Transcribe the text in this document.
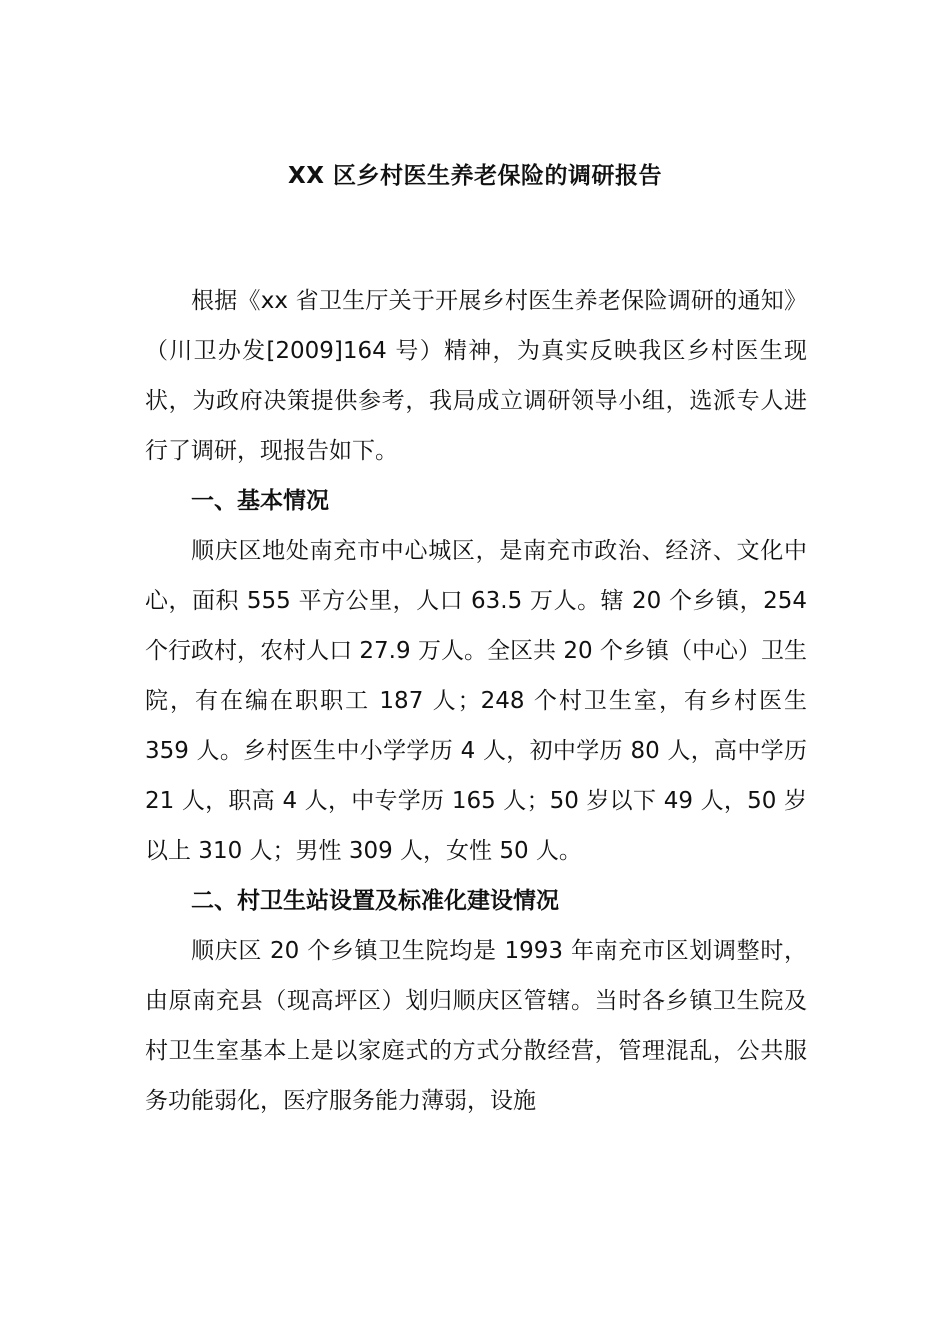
XX 区乡村医生养老保险的调研报告

根据《xx 省卫生厅关于开展乡村医生养老保险调研的通知》（川卫办发[2009]164 号）精神，为真实反映我区乡村医生现状，为政府决策提供参考，我局成立调研领导小组，选派专人进行了调研，现报告如下。

一、基本情况

顺庆区地处南充市中心城区，是南充市政治、经济、文化中心，面积 555 平方公里，人口 63.5 万人。辖 20 个乡镇，254 个行政村，农村人口 27.9 万人。全区共 20 个乡镇（中心）卫生院，有在编在职职工 187 人；248 个村卫生室，有乡村医生 359 人。乡村医生中小学学历 4 人，初中学历 80 人，高中学历 21 人，职高 4 人，中专学历 165 人；50 岁以下 49 人，50 岁以上 310 人；男性 309 人，女性 50 人。

二、村卫生站设置及标准化建设情况

顺庆区 20 个乡镇卫生院均是 1993 年南充市区划调整时，由原南充县（现高坪区）划归顺庆区管辖。当时各乡镇卫生院及村卫生室基本上是以家庭式的方式分散经营，管理混乱，公共服务功能弱化，医疗服务能力薄弱，设施
